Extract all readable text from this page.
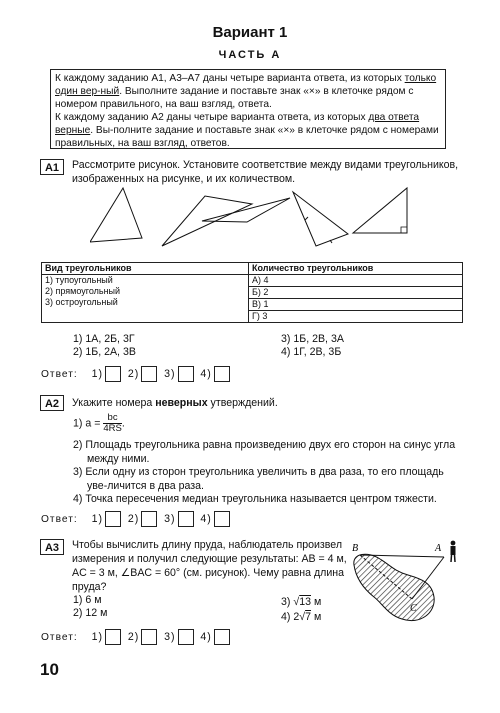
Вариант 1
ЧАСТЬ А

К каждому заданию А1, А3–А7 даны четыре варианта ответа, из которых только один вер-ный. Выполните задание и поставьте знак «×» в клеточке рядом с номером правильного, на ваш взгляд, ответа.

К каждому заданию А2 даны четыре варианта ответа, из которых два ответа верные. Вы-полните задание и поставьте знак «×» в клеточке рядом с номерами правильных, на ваш взгляд, ответов.

А1	Рассмотрите рисунок. Установите соответствие между видами треугольников, изображенных на рисунке, и их количеством.
Вид треугольников	Количество треугольников

1) тупоугольный
2) прямоугольный
3) остроугольный	А) 4
	Б) 2
	В) 1
	Г) 3
1) 1А, 2Б, 3Г
2) 1Б, 2А, 3В
3) 1Б, 2В, 3А
4) 1Г, 2В, 3Б
Ответ: 1) 2) 3) 4)
А2	Укажите номера неверных утверждений.
1) $a = \frac{bc}{4RS}$ .
2) Площадь треугольника равна произведению двух его сторон на синус угла между ними.
3) Если одну из сторон треугольника увеличить в два раза, то его площадь уве-личится в два раза.
4) Точка пересечения медиан треугольника называется центром тяжести.
Ответ: 1) 2) 3) 4)
А3	Чтобы вычислить длину пруда, наблюдатель произвел измерения и получил следующие результаты: AB = 4 м, AC = 3 м, ∠BAC = 60° (см. рисунок). Чему равна длина пруда?
1) 6 м
2) 12 м
3) √13 м
4) 2√7 м
B	A
C
Ответ: 1) 2) 3) 4)
10
